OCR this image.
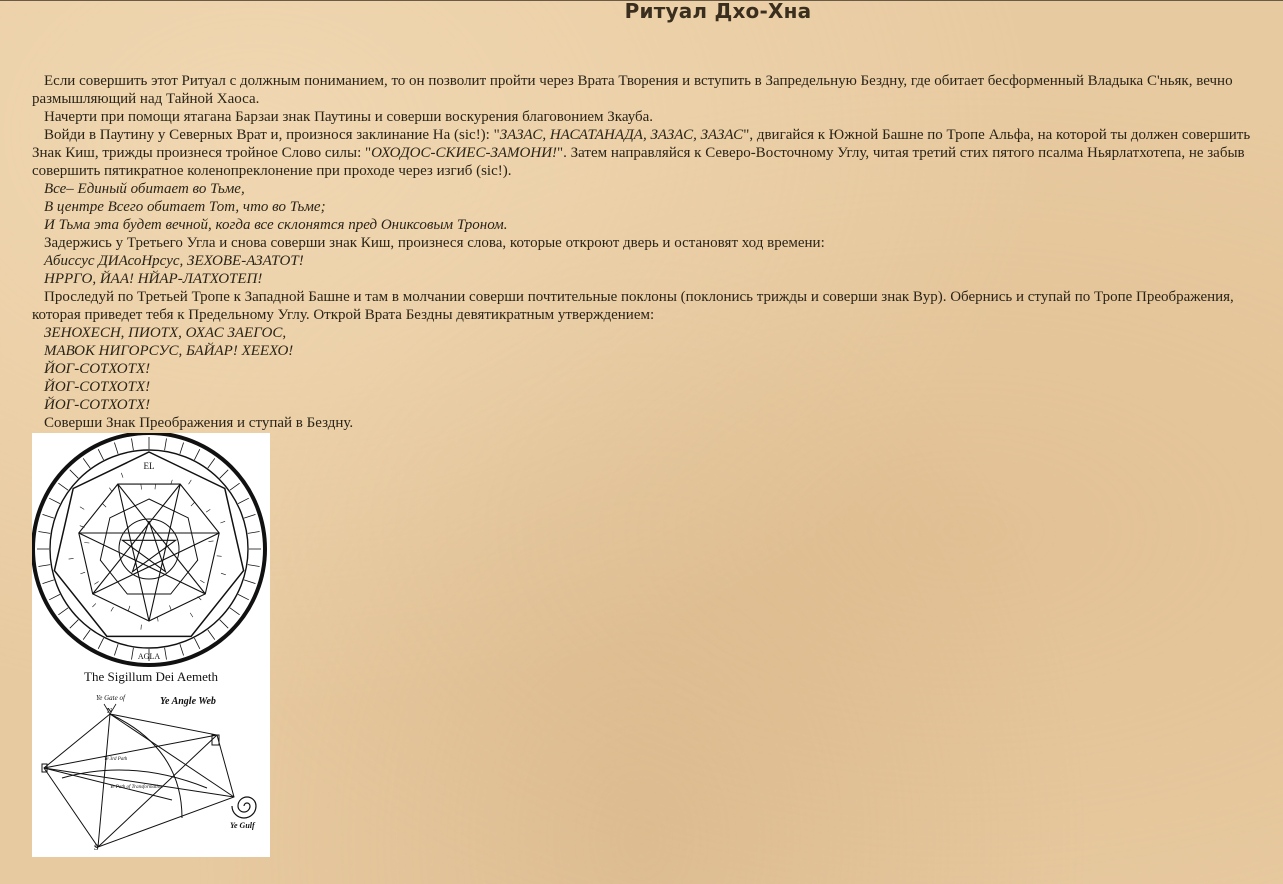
Ритуал Дхо-Хна

Если совершить этот Ритуал с должным пониманием, то он позволит пройти через Врата Творения и вступить в Запредельную Бездну, где обитает бесформенный Владыка С'ньяк, вечно размышляющий над Тайной Хаоса.

Начерти при помощи ятагана Барзаи знак Паутины и соверши воскурения благовонием Зкауба.

Войди в Паутину у Северных Врат и, произнося заклинание На (sic!): "ЗАЗАС, НАСАТАНАДА, ЗАЗАС, ЗАЗАС", двигайся к Южной Башне по Тропе Альфа, на которой ты должен совершить Знак Киш, трижды произнеся тройное Слово силы: "ОХОДОС-СКИЕС-ЗАМОНИ!". Затем направляйся к Северо-Восточному Углу, читая третий стих пятого псалма Ньярлатхотепа, не забыв совершить пятикратное коленопреклонение при проходе через изгиб (sic!).

Все– Единый обитает во Тьме,

В центре Всего обитает Тот, что во Тьме;

И Тьма эта будет вечной, когда все склонятся пред Ониксовым Троном.

Задержись у Третьего Угла и снова соверши знак Киш, произнеся слова, которые откроют дверь и остановят ход времени:

Абиссус ДИАсоНрсус, ЗЕХОВЕ-АЗАТОТ!

НРРГО, ЙАА! НЙАР-ЛАТХОТЕП!

Проследуй по Третьей Тропе к Западной Башне и там в молчании соверши почтительные поклоны (поклонись трижды и соверши знак Вур). Обернись и ступай по Тропе Преображения, которая приведет тебя к Предельному Углу. Открой Врата Бездны девятикратным утверждением:

ЗЕНОХЕСН, ПИОТХ, ОХАС ЗАЕГОС,

МАВОК НИГОРСУС, БАЙАР! ХЕЕХО!

ЙОГ-СОТХОТХ!

ЙОГ-СОТХОТХ!

ЙОГ-СОТХОТХ!

Соверши Знак Преображения и ступай в Бездну.

EL
AGLA
The Sigillum Dei Aemeth
Ye Gate of	Ye Angle Web
N
S
Ye Gulf
Ye 3rd Path
Ye Path of Transformation
